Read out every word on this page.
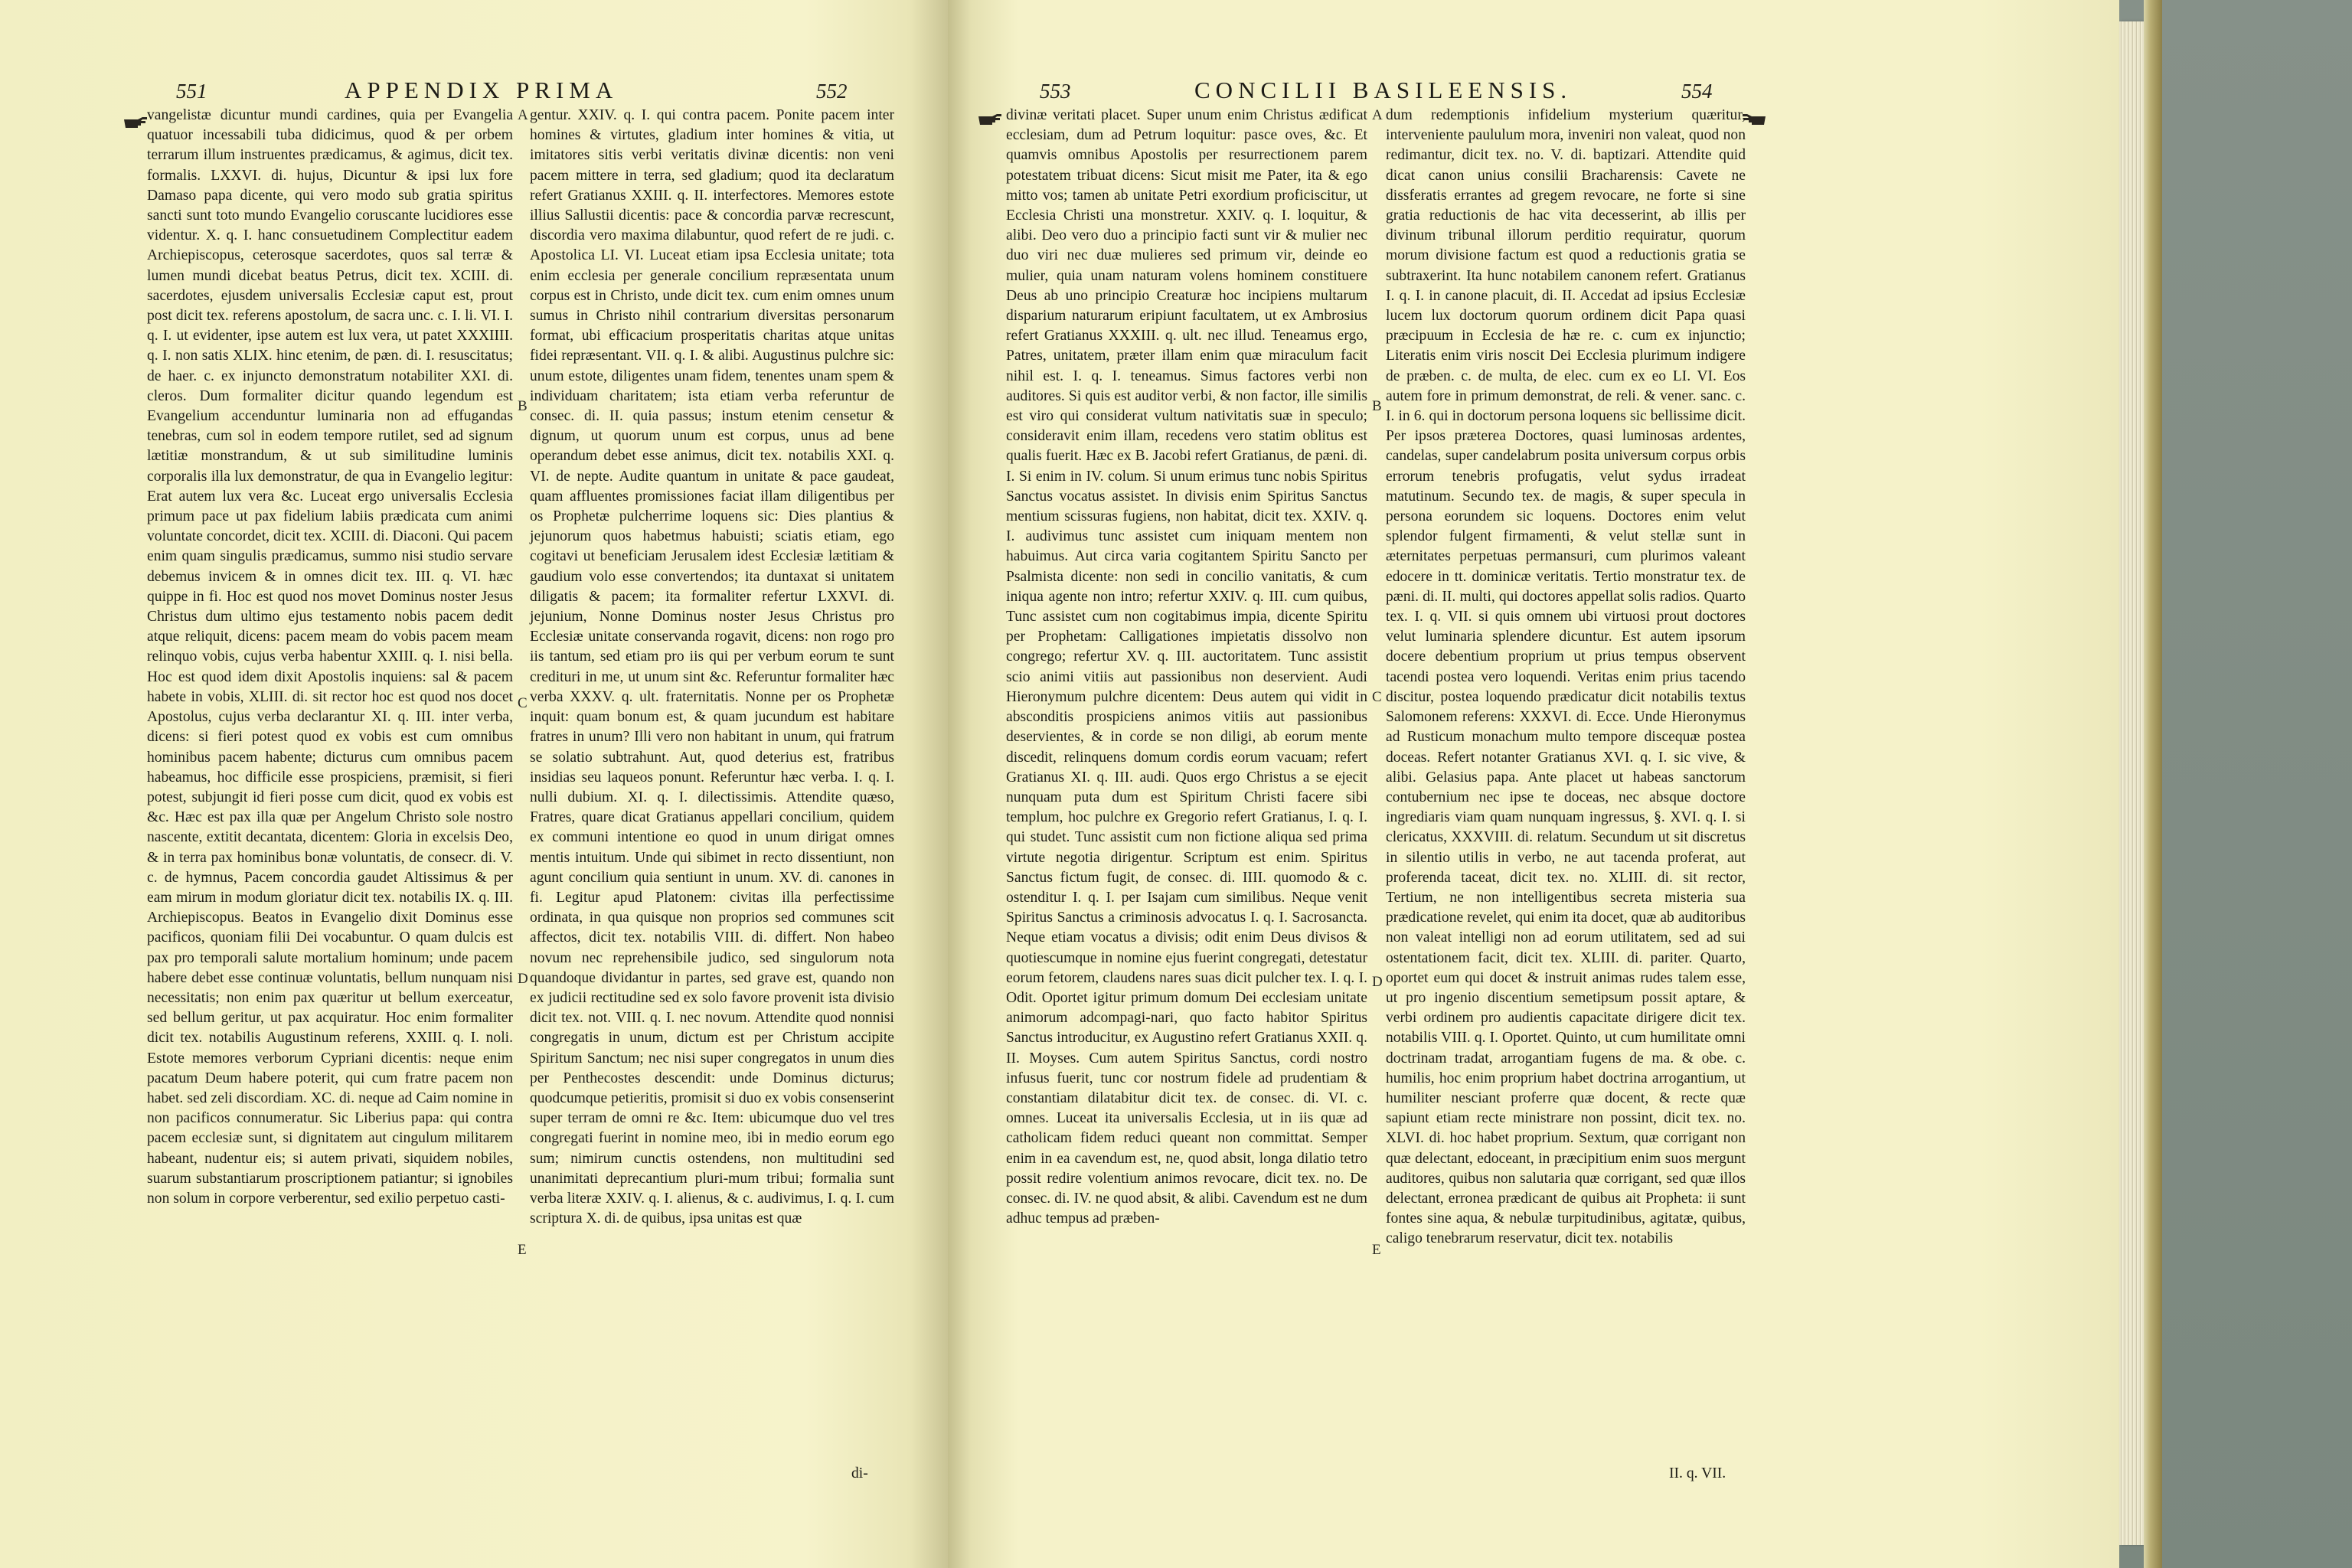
551	APPENDIX PRIMA	552

vangelistæ dicuntur mundi cardines, quia per Evangelia quatuor incessabili tuba didicimus, quod & per orbem terrarum illum instruentes prædicamus, & agimus, dicit tex. formalis. LXXVI. di. hujus, Dicuntur & ipsi lux fore Damaso papa dicente, qui vero modo sub gratia spiritus sancti sunt toto mundo Evangelio coruscante lucidiores esse videntur. X. q. I. hanc consuetudinem Complectitur eadem Archiepiscopus, ceterosque sacerdotes, quos sal terræ & lumen mundi dicebat beatus Petrus, dicit tex. XCIII. di. sacerdotes, ejusdem universalis Ecclesiæ caput est, prout post dicit tex. referens apostolum, de sacra unc. c. I. li. VI. I. q. I. ut evidenter, ipse autem est lux vera, ut patet XXXIIII. q. I. non satis XLIX. hinc etenim, de pæn. di. I. resuscitatus; de haer. c. ex injuncto demonstratum notabiliter XXI. di. cleros. Dum formaliter dicitur quando legendum est Evangelium accenduntur luminaria non ad effugandas tenebras, cum sol in eodem tempore rutilet, sed ad signum lætitiæ monstrandum, & ut sub similitudine luminis corporalis illa lux demonstratur, de qua in Evangelio legitur: Erat autem lux vera &c. Luceat ergo universalis Ecclesia primum pace ut pax fidelium labiis prædicata cum animi voluntate concordet, dicit tex. XCIII. di. Diaconi. Qui pacem enim quam singulis prædicamus, summo nisi studio servare debemus invicem & in omnes dicit tex. III. q. VI. hæc quippe in fi. Hoc est quod nos movet Dominus noster Jesus Christus dum ultimo ejus testamento nobis pacem dedit atque reliquit, dicens: pacem meam do vobis pacem meam relinquo vobis, cujus verba habentur XXIII. q. I. nisi bella. Hoc est quod idem dixit Apostolis inquiens: sal & pacem habete in vobis, XLIII. di. sit rector hoc est quod nos docet Apostolus, cujus verba declarantur XI. q. III. inter verba, dicens: si fieri potest quod ex vobis est cum omnibus hominibus pacem habente; dicturus cum omnibus pacem habeamus, hoc difficile esse prospiciens, præmisit, si fieri potest, subjungit id fieri posse cum dicit, quod ex vobis est &c. Hæc est pax illa quæ per Angelum Christo sole nostro nascente, extitit decantata, dicentem: Gloria in excelsis Deo, & in terra pax hominibus bonæ voluntatis, de consecr. di. V. c. de hymnus, Pacem concordia gaudet Altissimus & per eam mirum in modum gloriatur dicit tex. notabilis IX. q. III. Archiepiscopus. Beatos in Evangelio dixit Dominus esse pacificos, quoniam filii Dei vocabuntur. O quam dulcis est pax pro temporali salute mortalium hominum; unde pacem habere debet esse continuæ voluntatis, bellum nunquam nisi necessitatis; non enim pax quæritur ut bellum exerceatur, sed bellum geritur, ut pax acquiratur. Hoc enim formaliter dicit tex. notabilis Augustinum referens, XXIII. q. I. noli. Estote memores verborum Cypriani dicentis: neque enim pacatum Deum habere poterit, qui cum fratre pacem non habet. sed zeli discordiam. XC. di. neque ad Caim nomine in non pacificos connumeratur. Sic Liberius papa: qui contra pacem ecclesiæ sunt, si dignitatem aut cingulum militarem habeant, nudentur eis; si autem privati, siquidem nobiles, suarum substantiarum proscriptionem patiantur; si ignobiles non solum in corpore verberentur, sed exilio perpetuo casti-

A
B
C
D
E

gentur. XXIV. q. I. qui contra pacem. Ponite pacem inter homines & virtutes, gladium inter homines & vitia, ut imitatores sitis verbi veritatis divinæ dicentis: non veni pacem mittere in terra, sed gladium; quod ita declaratum refert Gratianus XXIII. q. II. interfectores. Memores estote illius Sallustii dicentis: pace & concordia parvæ recrescunt, discordia vero maxima dilabuntur, quod refert de re judi. c. Apostolica LI. VI. Luceat etiam ipsa Ecclesia unitate; tota enim ecclesia per generale concilium repræsentata unum corpus est in Christo, unde dicit tex. cum enim omnes unum sumus in Christo nihil contrarium diversitas personarum format, ubi efficacium prosperitatis charitas atque unitas fidei repræsentant. VII. q. I. & alibi. Augustinus pulchre sic: unum estote, diligentes unam fidem, tenentes unam spem & individuam charitatem; ista etiam verba referuntur de consec. di. II. quia passus; instum etenim censetur & dignum, ut quorum unum est corpus, unus ad bene operandum debet esse animus, dicit tex. notabilis XXI. q. VI. de nepte. Audite quantum in unitate & pace gaudeat, quam affluentes promissiones faciat illam diligentibus per os Prophetæ pulcherrime loquens sic: Dies plantius & jejunorum quos habetmus habuisti; sciatis etiam, ego cogitavi ut beneficiam Jerusalem idest Ecclesiæ lætitiam & gaudium volo esse convertendos; ita duntaxat si unitatem diligatis & pacem; ita formaliter refertur LXXVI. di. jejunium, Nonne Dominus noster Jesus Christus pro Ecclesiæ unitate conservanda rogavit, dicens: non rogo pro iis tantum, sed etiam pro iis qui per verbum eorum te sunt credituri in me, ut unum sint &c. Referuntur formaliter hæc verba XXXV. q. ult. fraternitatis. Nonne per os Prophetæ inquit: quam bonum est, & quam jucundum est habitare fratres in unum? Illi vero non habitant in unum, qui fratrum se solatio subtrahunt. Aut, quod deterius est, fratribus insidias seu laqueos ponunt. Referuntur hæc verba. I. q. I. nulli dubium. XI. q. I. dilectissimis. Attendite quæso, Fratres, quare dicat Gratianus appellari concilium, quidem ex communi intentione eo quod in unum dirigat omnes mentis intuitum. Unde qui sibimet in recto dissentiunt, non agunt concilium quia sentiunt in unum. XV. di. canones in fi. Legitur apud Platonem: civitas illa perfectissime ordinata, in qua quisque non proprios sed communes scit affectos, dicit tex. notabilis VIII. di. differt. Non habeo novum nec reprehensibile judico, sed singulorum nota quandoque dividantur in partes, sed grave est, quando non ex judicii rectitudine sed ex solo favore provenit ista divisio dicit tex. not. VIII. q. I. nec novum. Attendite quod nonnisi congregatis in unum, dictum est per Christum accipite Spiritum Sanctum; nec nisi super congregatos in unum dies per Penthecostes descendit: unde Dominus dicturus; quodcumque petieritis, promisit si duo ex vobis consenserint super terram de omni re &c. Item: ubicumque duo vel tres congregati fuerint in nomine meo, ibi in medio eorum ego sum; nimirum cunctis ostendens, non multitudini sed unanimitati deprecantium pluri-mum tribui; formalia sunt verba literæ XXIV. q. I. alienus, & c. audivimus, I. q. I. cum scriptura X. di. de quibus, ipsa unitas est quæ

di-
553	CONCILII BASILEENSIS.	554

divinæ veritati placet. Super unum enim Christus ædificat ecclesiam, dum ad Petrum loquitur: pasce oves, &c. Et quamvis omnibus Apostolis per resurrectionem parem potestatem tribuat dicens: Sicut misit me Pater, ita & ego mitto vos; tamen ab unitate Petri exordium proficiscitur, ut Ecclesia Christi una monstretur. XXIV. q. I. loquitur, & alibi. Deo vero duo a principio facti sunt vir & mulier nec duo viri nec duæ mulieres sed primum vir, deinde eo mulier, quia unam naturam volens hominem constituere Deus ab uno principio Creaturæ hoc incipiens multarum disparium naturarum eripiunt facultatem, ut ex Ambrosius refert Gratianus XXXIII. q. ult. nec illud. Teneamus ergo, Patres, unitatem, præter illam enim quæ miraculum facit nihil est. I. q. I. teneamus. Simus factores verbi non auditores. Si quis est auditor verbi, & non factor, ille similis est viro qui considerat vultum nativitatis suæ in speculo; consideravit enim illam, recedens vero statim oblitus est qualis fuerit. Hæc ex B. Jacobi refert Gratianus, de pæni. di. I. Si enim in IV. colum. Si unum erimus tunc nobis Spiritus Sanctus vocatus assistet. In divisis enim Spiritus Sanctus mentium scissuras fugiens, non habitat, dicit tex. XXIV. q. I. audivimus tunc assistet cum iniquam mentem non habuimus. Aut circa varia cogitantem Spiritu Sancto per Psalmista dicente: non sedi in concilio vanitatis, & cum iniqua agente non intro; refertur XXIV. q. III. cum quibus, Tunc assistet cum non cogitabimus impia, dicente Spiritu per Prophetam: Calligationes impietatis dissolvo non congrego; refertur XV. q. III. auctoritatem. Tunc assistit scio animi vitiis aut passionibus non deservient. Audi Hieronymum pulchre dicentem: Deus autem qui vidit in absconditis prospiciens animos vitiis aut passionibus deservientes, & in corde se non diligi, ab eorum mente discedit, relinquens domum cordis eorum vacuam; refert Gratianus XI. q. III. audi. Quos ergo Christus a se ejecit nunquam puta dum est Spiritum Christi facere sibi templum, hoc pulchre ex Gregorio refert Gratianus, I. q. I. qui studet. Tunc assistit cum non fictione aliqua sed prima virtute negotia dirigentur. Scriptum est enim. Spiritus Sanctus fictum fugit, de consec. di. IIII. quomodo & c. ostenditur I. q. I. per Isajam cum similibus. Neque venit Spiritus Sanctus a criminosis advocatus I. q. I. Sacrosancta. Neque etiam vocatus a divisis; odit enim Deus divisos & quotiescumque in nomine ejus fuerint congregati, detestatur eorum fetorem, claudens nares suas dicit pulcher tex. I. q. I. Odit. Oportet igitur primum domum Dei ecclesiam unitate animorum adcompagi-nari, quo facto habitor Spiritus Sanctus introducitur, ex Augustino refert Gratianus XXII. q. II. Moyses. Cum autem Spiritus Sanctus, cordi nostro infusus fuerit, tunc cor nostrum fidele ad prudentiam & constantiam dilatabitur dicit tex. de consec. di. VI. c. omnes. Luceat ita universalis Ecclesia, ut in iis quæ ad catholicam fidem reduci queant non committat. Semper enim in ea cavendum est, ne, quod absit, longa dilatio tetro possit redire volentium animos revocare, dicit tex. no. De consec. di. IV. ne quod absit, & alibi. Cavendum est ne dum adhuc tempus ad præben-

A
B
C
D
E

dum redemptionis infidelium mysterium quæritur, interveniente paululum mora, inveniri non valeat, quod non redimantur, dicit tex. no. V. di. baptizari. Attendite quid dicat canon unius consilii Bracharensis: Cavete ne dissferatis errantes ad gregem revocare, ne forte si sine gratia reductionis de hac vita decesserint, ab illis per divinum tribunal illorum perditio requiratur, quorum morum divisione factum est quod a reductionis gratia se subtraxerint. Ita hunc notabilem canonem refert. Gratianus I. q. I. in canone placuit, di. II. Accedat ad ipsius Ecclesiæ lucem lux doctorum quorum ordinem dicit Papa quasi præcipuum in Ecclesia de hæ re. c. cum ex injunctio; Literatis enim viris noscit Dei Ecclesia plurimum indigere de præben. c. de multa, de elec. cum ex eo LI. VI. Eos autem fore in primum demonstrat, de reli. & vener. sanc. c. I. in 6. qui in doctorum persona loquens sic bellissime dicit. Per ipsos præterea Doctores, quasi luminosas ardentes, candelas, super candelabrum posita universum corpus orbis errorum tenebris profugatis, velut sydus irradeat matutinum. Secundo tex. de magis, & super specula in persona eorundem sic loquens. Doctores enim velut splendor fulgent firmamenti, & velut stellæ sunt in æternitates perpetuas permansuri, cum plurimos valeant edocere in tt. dominicæ veritatis. Tertio monstratur tex. de pæni. di. II. multi, qui doctores appellat solis radios. Quarto tex. I. q. VII. si quis omnem ubi virtuosi prout doctores velut luminaria splendere dicuntur. Est autem ipsorum docere debentium proprium ut prius tempus observent tacendi postea vero loquendi. Veritas enim prius tacendo discitur, postea loquendo prædicatur dicit notabilis textus Salomonem referens: XXXVI. di. Ecce. Unde Hieronymus ad Rusticum monachum multo tempore discequæ postea doceas. Refert notanter Gratianus XVI. q. I. sic vive, & alibi. Gelasius papa. Ante placet ut habeas sanctorum contubernium nec ipse te doceas, nec absque doctore ingrediaris viam quam nunquam ingressus, §. XVI. q. I. si clericatus, XXXVIII. di. relatum. Secundum ut sit discretus in silentio utilis in verbo, ne aut tacenda proferat, aut proferenda taceat, dicit tex. no. XLIII. di. sit rector, Tertium, ne non intelligentibus secreta misteria sua prædicatione revelet, qui enim ita docet, quæ ab auditoribus non valeat intelligi non ad eorum utilitatem, sed ad sui ostentationem facit, dicit tex. XLIII. di. pariter. Quarto, oportet eum qui docet & instruit animas rudes talem esse, ut pro ingenio discentium semetipsum possit aptare, & verbi ordinem pro audientis capacitate dirigere dicit tex. notabilis VIII. q. I. Oportet. Quinto, ut cum humilitate omni doctrinam tradat, arrogantiam fugens de ma. & obe. c. humilis, hoc enim proprium habet doctrina arrogantium, ut humiliter nesciant proferre quæ docent, & recte quæ sapiunt etiam recte ministrare non possint, dicit tex. no. XLVI. di. hoc habet proprium. Sextum, quæ corrigant non quæ delectant, edoceant, in præcipitium enim suos mergunt auditores, quibus non salutaria quæ corrigant, sed quæ illos delectant, erronea prædicant de quibus ait Propheta: ii sunt fontes sine aqua, & nebulæ turpitudinibus, agitatæ, quibus, caligo tenebrarum reservatur, dicit tex. notabilis

II. q. VII.
